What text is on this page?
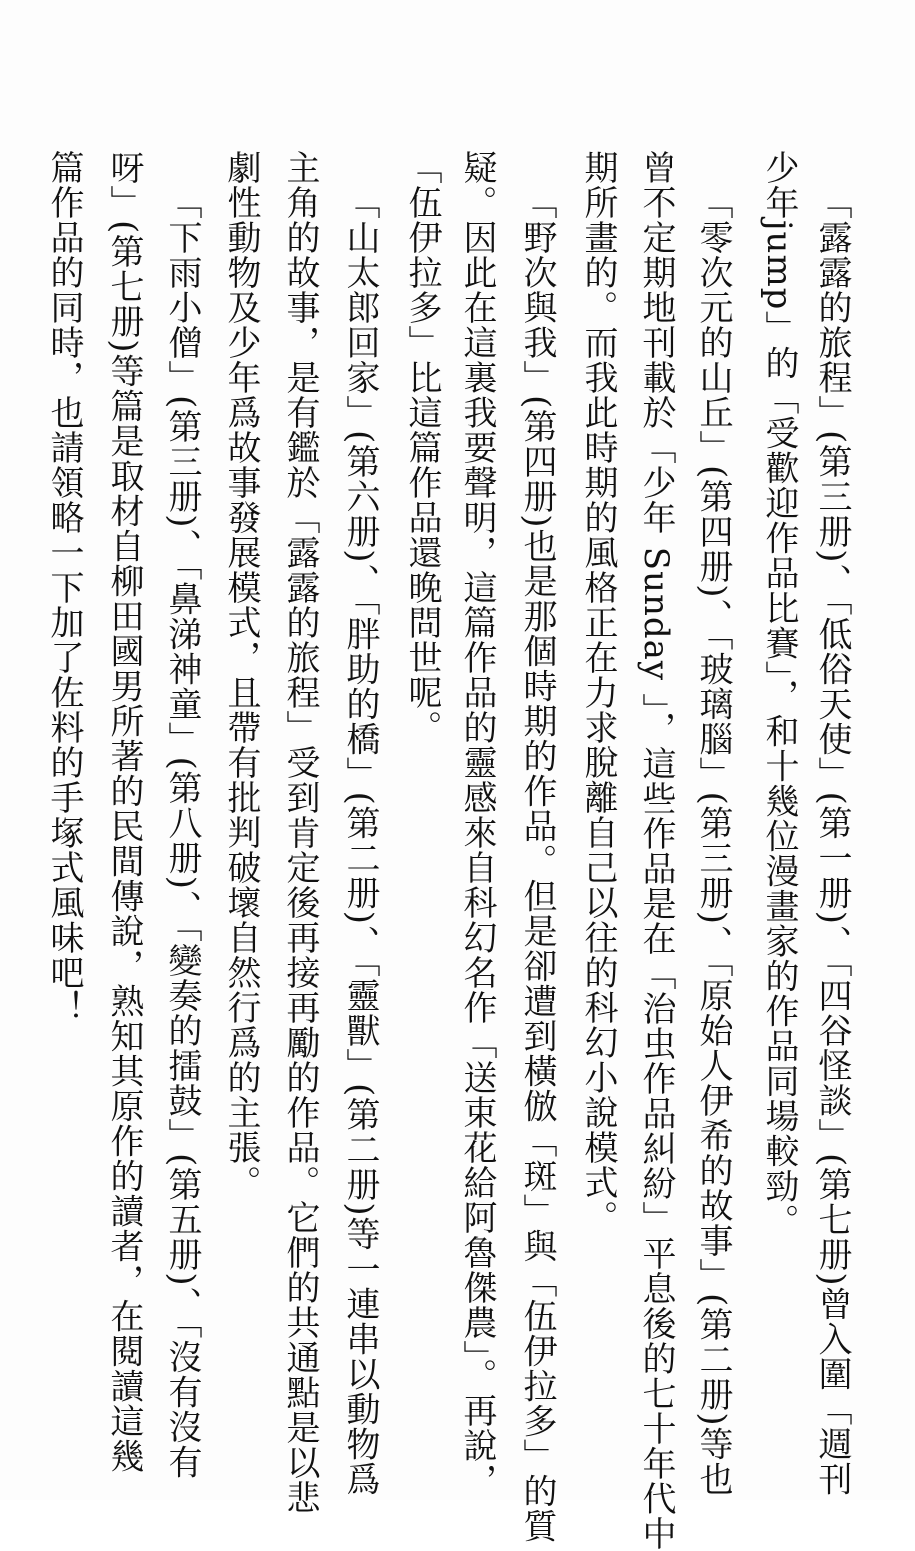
「露露的旅程」(第三册)、「低俗天使」(第一册)、「四谷怪談」(第七册)曾入圍「週刊
少年jump」的「受歡迎作品比賽」，和十幾位漫畫家的作品同場較勁。
「零次元的山丘」(第四册)、「玻璃腦」(第三册)、「原始人伊希的故事」(第二册)等也
曾不定期地刊載於「少年 Sunday 」，這些作品是在「治虫作品糾紛」平息後的七十年代中
期所畫的。而我此時期的風格正在力求脫離自己以往的科幻小說模式。
「野次與我」(第四册)也是那個時期的作品。但是卻遭到橫倣「斑」與「伍伊拉多」的質
疑。因此在這裏我要聲明，這篇作品的靈感來自科幻名作「送束花給阿魯傑農」。再說，
「伍伊拉多」比這篇作品還晚問世呢。
「山太郎回家」(第六册)、「胖助的橋」(第二册)、「靈獸」(第二册)等一連串以動物爲
主角的故事，是有鑑於「露露的旅程」受到肯定後再接再勵的作品。它們的共通點是以悲
劇性動物及少年爲故事發展模式，且帶有批判破壞自然行爲的主張。
「下雨小僧」(第三册)、「鼻涕神童」(第八册)、「變奏的擂鼓」(第五册)、「沒有沒有
呀」(第七册)等篇是取材自柳田國男所著的民間傳說，熟知其原作的讀者，在閱讀這幾
篇作品的同時，也請領略一下加了佐料的手塚式風味吧！
